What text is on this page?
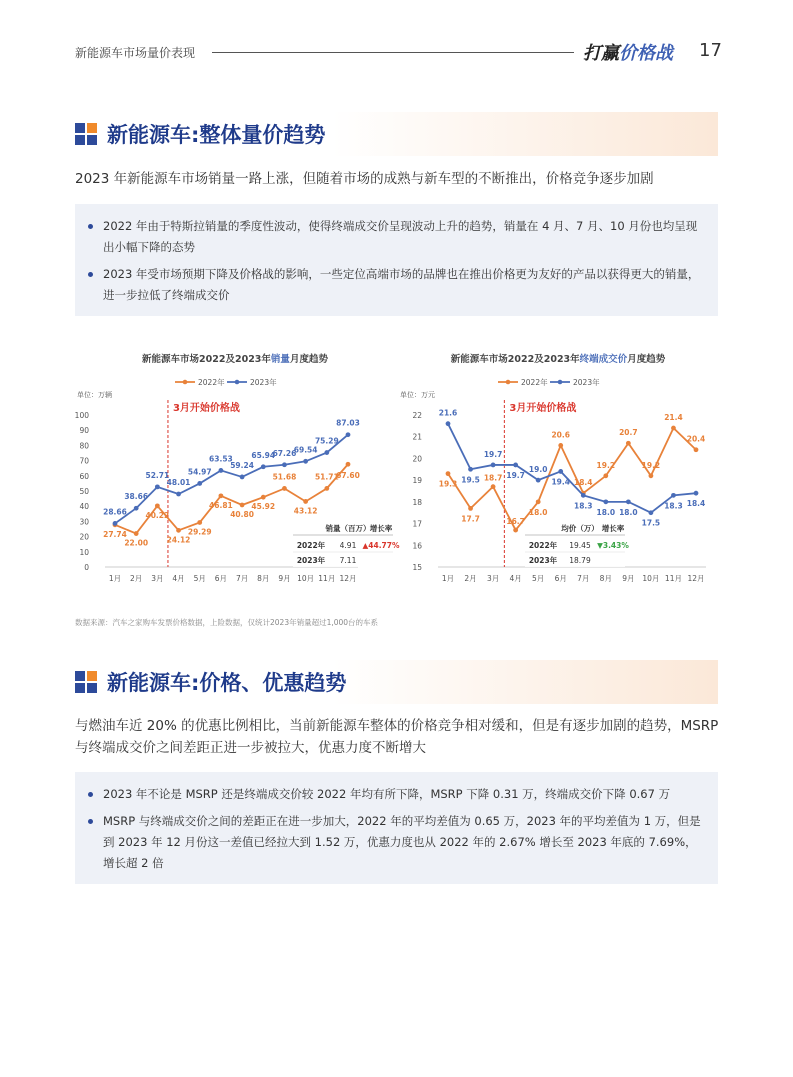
新能源车市场量价表现	打赢价格战 17
新能源车:整体量价趋势
2023 年新能源车市场销量一路上涨，但随着市场的成熟与新车型的不断推出，价格竞争逐步加剧
2022 年由于特斯拉销量的季度性波动，使得终端成交价呈现波动上升的趋势，销量在 4 月、7 月、10 月份也均呈现出小幅下降的态势
2023 年受市场预期下降及价格战的影响，一些定位高端市场的品牌也在推出价格更为友好的产品以获得更大的销量，进一步拉低了终端成交价
新能源车市场2022及2023年销量月度趋势
2022年	2023年
单位：万辆
0
10
20
30
40
50
60
70
80
90
100
1月 2月 3月 4月 5月 6月 7月 8月 9月 10月 11月 12月
3月开始价格战
27.74
22.00
40.22
24.12
29.29
46.81
40.80
45.92
51.68
43.12
51.71
67.60
28.66
38.66
52.71
48.01
54.97
63.53
59.24
65.94
67.26
69.54
75.29
87.03
销量（百万） 增长率
2022年 4.91 ▲44.77%
2023年 7.11
新能源车市场2022及2023年终端成交价月度趋势
2022年	2023年
单位：万元
15
16
17
18
19
20
21
22
1月 2月 3月 4月 5月 6月 7月 8月 9月 10月 11月 12月
3月开始价格战
19.3
17.7
18.7
16.7
18.0
20.6
18.4
19.2
20.7
19.2
21.4
20.4
21.6
19.5
19.7
19.7
19.0
19.4
18.3
18.0 18.0
17.5
18.3 18.4
均价（万） 增长率
2022年 19.45 ▼3.43%
2023年 18.79
数据来源：汽车之家购车发票价格数据，上险数据，仅统计2023年销量超过1,000台的车系
新能源车:价格、优惠趋势
与燃油车近 20% 的优惠比例相比，当前新能源车整体的价格竞争相对缓和，但是有逐步加剧的趋势，MSRP 与终端成交价之间差距正进一步被拉大，优惠力度不断增大
2023 年不论是 MSRP 还是终端成交价较 2022 年均有所下降，MSRP 下降 0.31 万，终端成交价下降 0.67 万
MSRP 与终端成交价之间的差距正在进一步加大，2022 年的平均差值为 0.65 万，2023 年的平均差值为 1 万，但是到 2023 年 12 月份这一差值已经拉大到 1.52 万，优惠力度也从 2022 年的 2.67% 增长至 2023 年底的 7.69%，增长超 2 倍
